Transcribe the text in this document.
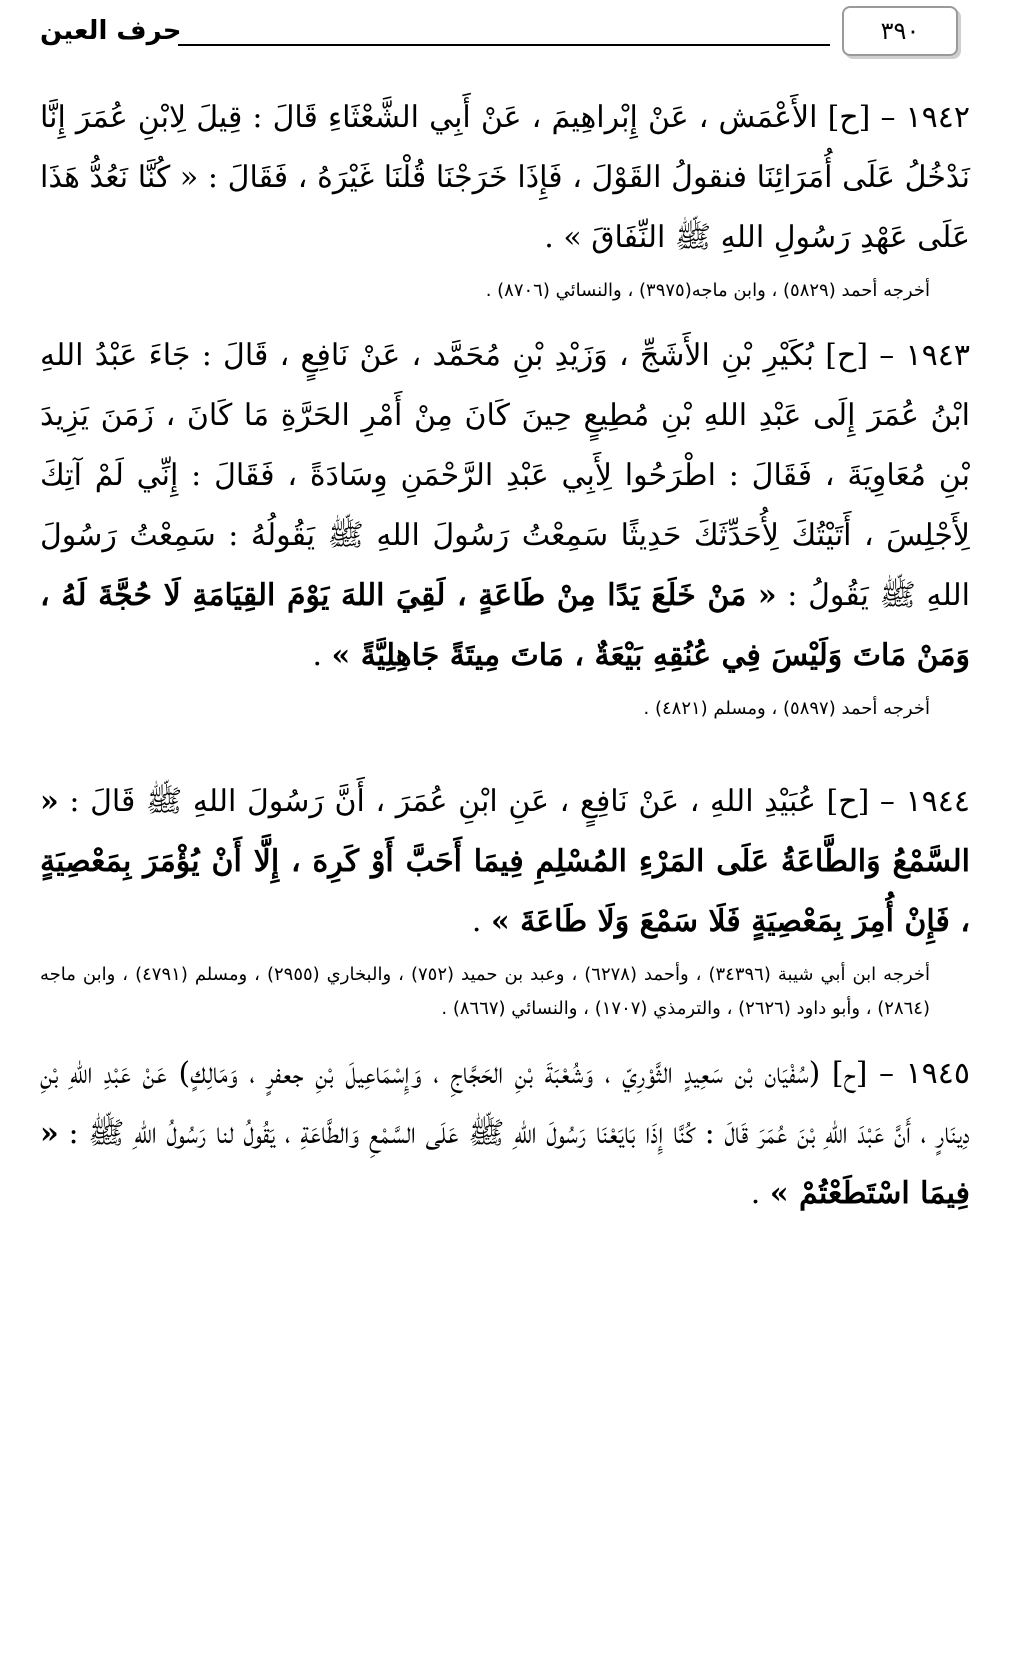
٣٩٠
حرف العين

١٩٤٢ – [ح] الأَعْمَش ، عَنْ إِبْراهِيمَ ، عَنْ أَبِي الشَّعْثَاءِ قَالَ : قِيلَ لِابْنِ عُمَرَ إِنَّا نَدْخُلُ عَلَى أُمَرَائِنَا فنقولُ القَوْلَ ، فَإِذَا خَرَجْنَا قُلْنَا غَيْرَهُ ، فَقَالَ : « كُنَّا نَعُدُّ هَذَا عَلَى عَهْدِ رَسُولِ اللهِ ﷺ النِّفَاقَ » .

أخرجه أحمد (٥٨٢٩) ، وابن ماجه(٣٩٧٥) ، والنسائي (٨٧٠٦) .

١٩٤٣ – [ح] بُكَيْرِ بْنِ الأَشَجِّ ، وَزَيْدِ بْنِ مُحَمَّد ، عَنْ نَافِعٍ ، قَالَ : جَاءَ عَبْدُ اللهِ ابْنُ عُمَرَ إِلَى عَبْدِ اللهِ بْنِ مُطِيعٍ حِينَ كَانَ مِنْ أَمْرِ الحَرَّةِ مَا كَانَ ، زَمَنَ يَزِيدَ بْنِ مُعَاوِيَةَ ، فَقَالَ : اطْرَحُوا لِأَبِي عَبْدِ الرَّحْمَنِ وِسَادَةً ، فَقَالَ : إِنِّي لَمْ آتِكَ لِأَجْلِسَ ، أَتَيْتُكَ لِأُحَدِّثَكَ حَدِيثًا سَمِعْتُ رَسُولَ اللهِ ﷺ يَقُولُهُ : سَمِعْتُ رَسُولَ اللهِ ﷺ يَقُولُ : « مَنْ خَلَعَ يَدًا مِنْ طَاعَةٍ ، لَقِيَ اللهَ يَوْمَ القِيَامَةِ لَا حُجَّةَ لَهُ ، وَمَنْ مَاتَ وَلَيْسَ فِي عُنُقِهِ بَيْعَةٌ ، مَاتَ مِيتَةً جَاهِلِيَّةً » .

أخرجه أحمد (٥٨٩٧) ، ومسلم (٤٨٢١) .

١٩٤٤ – [ح] عُبَيْدِ اللهِ ، عَنْ نَافِعٍ ، عَنِ ابْنِ عُمَرَ ، أَنَّ رَسُولَ اللهِ ﷺ قَالَ : « السَّمْعُ وَالطَّاعَةُ عَلَى المَرْءِ المُسْلِمِ فِيمَا أَحَبَّ أَوْ كَرِهَ ، إِلَّا أَنْ يُؤْمَرَ بِمَعْصِيَةٍ ، فَإِنْ أُمِرَ بِمَعْصِيَةٍ فَلَا سَمْعَ وَلَا طَاعَةَ » .

أخرجه ابن أبي شيبة (٣٤٣٩٦) ، وأحمد (٦٢٧٨) ، وعبد بن حميد (٧٥٢) ، والبخاري (٢٩٥٥) ، ومسلم (٤٧٩١) ، وابن ماجه (٢٨٦٤) ، وأبو داود (٢٦٢٦) ، والترمذي (١٧٠٧) ، والنسائي (٨٦٦٧) .

١٩٤٥ – [ح] (سُفْيَان بْن سَعِيدٍ الثَّوْرِيّ ، وَشُعْبَةَ بْنِ الحَجَّاجِ ، وَإِسْمَاعِيلَ بْنِ جعفرٍ ، وَمَالِكٍ) عَنْ عَبْدِ اللهِ بْنِ دِينَارٍ ، أَنَّ عَبْدَ اللهِ بْنَ عُمَرَ قَالَ : كُنَّا إِذَا بَايَعْنَا رَسُولَ اللهِ ﷺ عَلَى السَّمْعِ وَالطَّاعَةِ ، يَقُولُ لنا رَسُولُ اللهِ ﷺ : « فِيمَا اسْتَطَعْتُمْ » .
